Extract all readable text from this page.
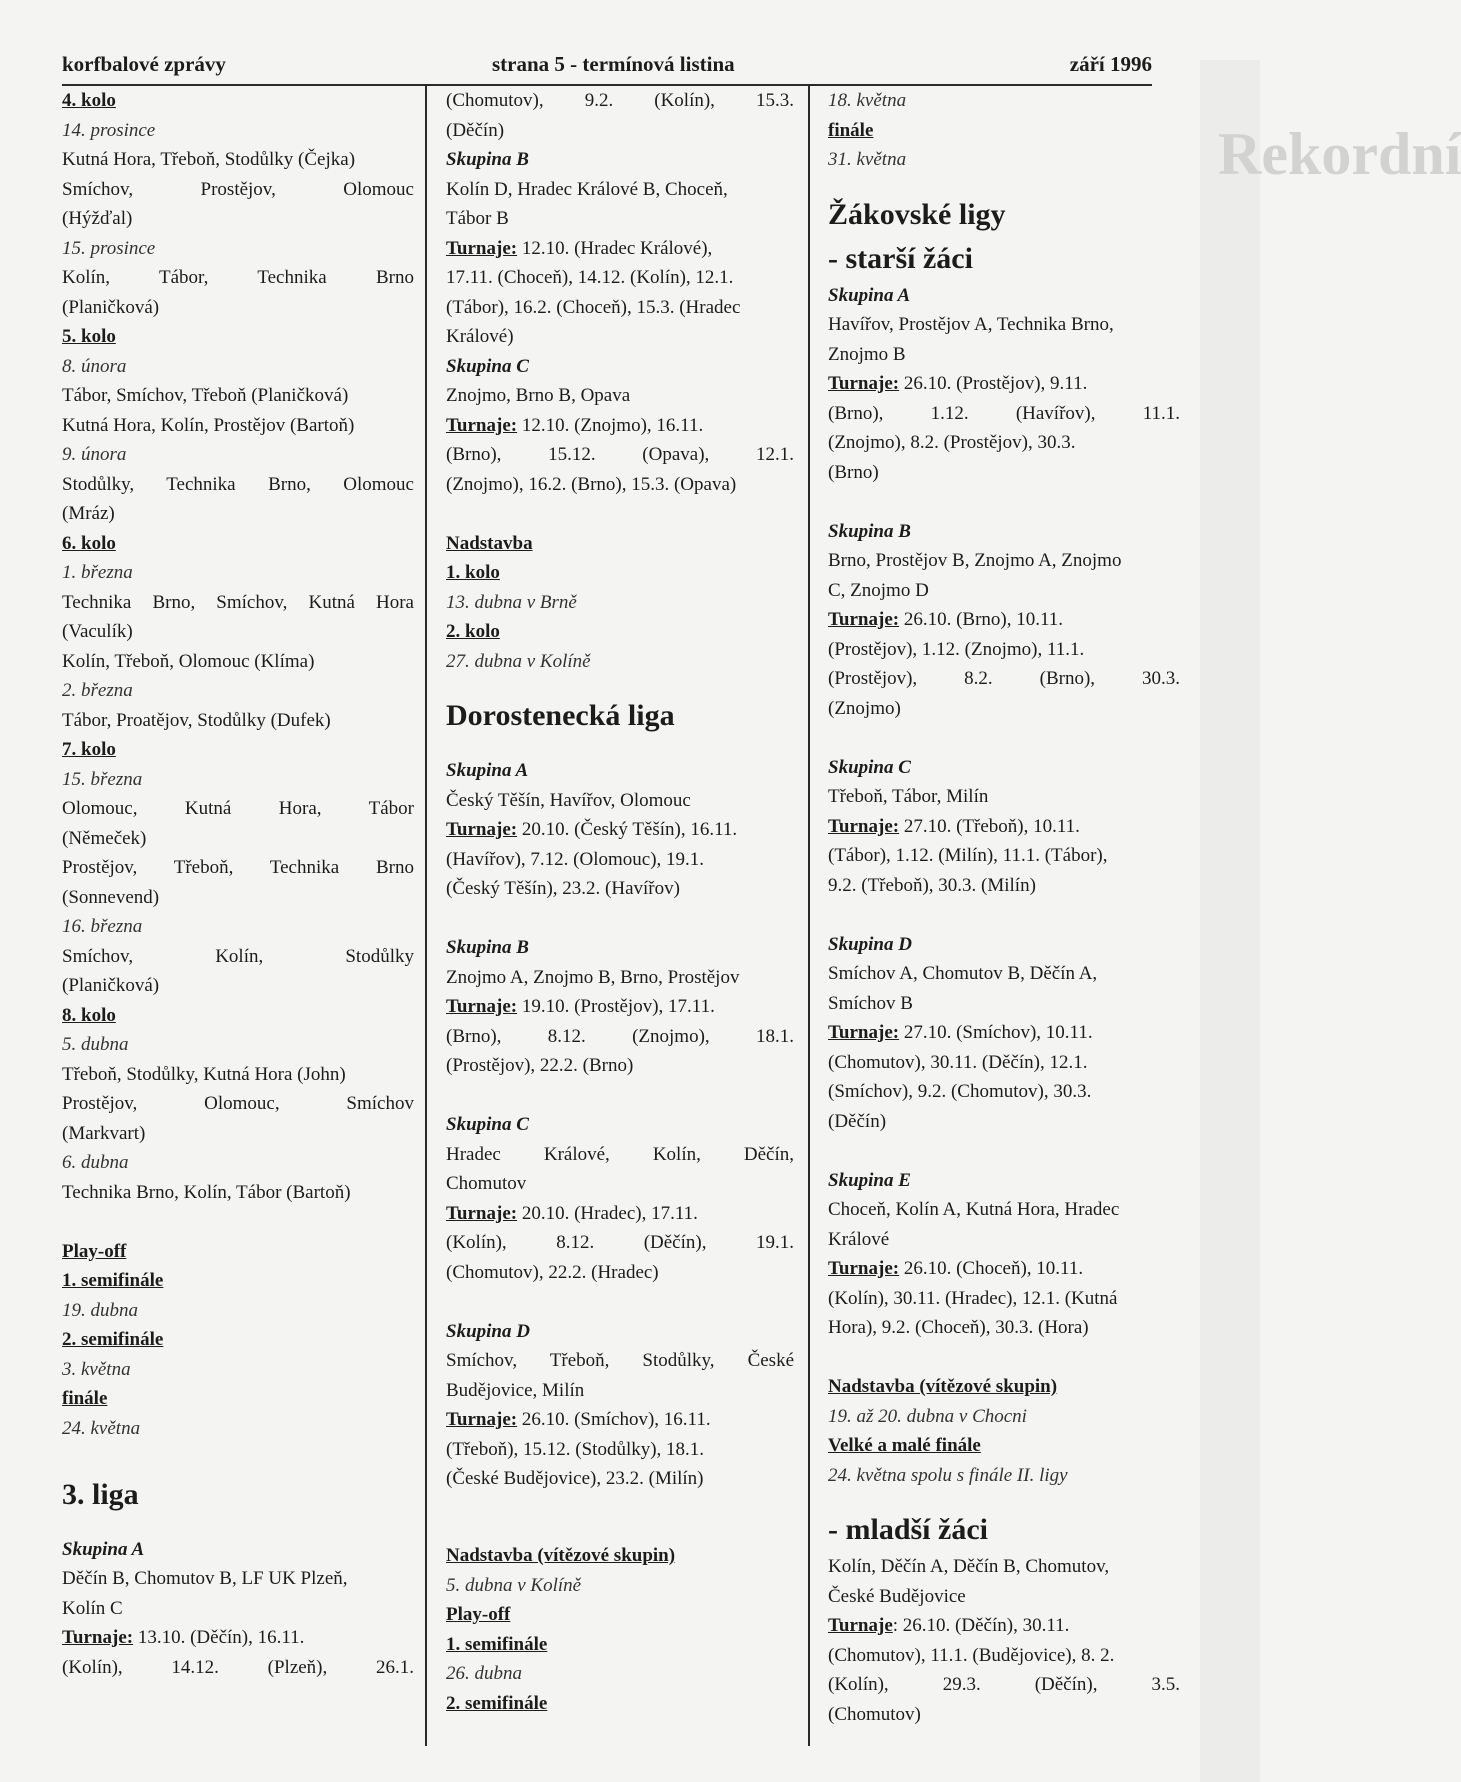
Rekordní
korfbalové zprávy	strana 5 - termínová listina	září 1996
4. kolo
14. prosince
Kutná Hora, Třeboň, Stodůlky (Čejka)
Smíchov, Prostějov, Olomouc
(Hýžďal)
15. prosince
Kolín, Tábor, Technika Brno
(Planičková)
5. kolo
8. února
Tábor, Smíchov, Třeboň (Planičková)
Kutná Hora, Kolín, Prostějov (Bartoň)
9. února
Stodůlky, Technika Brno, Olomouc
(Mráz)
6. kolo
1. března
Technika Brno, Smíchov, Kutná Hora
(Vaculík)
Kolín, Třeboň, Olomouc (Klíma)
2. března
Tábor, Proatějov, Stodůlky (Dufek)
7. kolo
15. března
Olomouc, Kutná Hora, Tábor
(Němeček)
Prostějov, Třeboň, Technika Brno
(Sonnevend)
16. března
Smíchov, Kolín, Stodůlky
(Planičková)
8. kolo
5. dubna
Třeboň, Stodůlky, Kutná Hora (John)
Prostějov, Olomouc, Smíchov
(Markvart)
6. dubna
Technika Brno, Kolín, Tábor (Bartoň)
Play-off
1. semifinále
19. dubna
2. semifinále
3. května
finále
24. května
3. liga
Skupina A
Děčín B, Chomutov B, LF UK Plzeň,
Kolín C
Turnaje: 13.10. (Děčín), 16.11.
(Kolín), 14.12. (Plzeň), 26.1.
(Chomutov), 9.2. (Kolín), 15.3.
(Děčín)
Skupina B
Kolín D, Hradec Králové B, Choceň,
Tábor B
Turnaje: 12.10. (Hradec Králové),
17.11. (Choceň), 14.12. (Kolín), 12.1.
(Tábor), 16.2. (Choceň), 15.3. (Hradec
Králové)
Skupina C
Znojmo, Brno B, Opava
Turnaje: 12.10. (Znojmo), 16.11.
(Brno), 15.12. (Opava), 12.1.
(Znojmo), 16.2. (Brno), 15.3. (Opava)
Nadstavba
1. kolo
13. dubna v Brně
2. kolo
27. dubna v Kolíně
Dorostenecká liga
Skupina A
Český Těšín, Havířov, Olomouc
Turnaje: 20.10. (Český Těšín), 16.11.
(Havířov), 7.12. (Olomouc), 19.1.
(Český Těšín), 23.2. (Havířov)
Skupina B
Znojmo A, Znojmo B, Brno, Prostějov
Turnaje: 19.10. (Prostějov), 17.11.
(Brno), 8.12. (Znojmo), 18.1.
(Prostějov), 22.2. (Brno)
Skupina C
Hradec Králové, Kolín, Děčín,
Chomutov
Turnaje: 20.10. (Hradec), 17.11.
(Kolín), 8.12. (Děčín), 19.1.
(Chomutov), 22.2. (Hradec)
Skupina D
Smíchov, Třeboň, Stodůlky, České
Budějovice, Milín
Turnaje: 26.10. (Smíchov), 16.11.
(Třeboň), 15.12. (Stodůlky), 18.1.
(České Budějovice), 23.2. (Milín)
Nadstavba (vítězové skupin)
5. dubna v Kolíně
Play-off
1. semifinále
26. dubna
2. semifinále
18. května
finále
31. května
Žákovské ligy
- starší žáci
Skupina A
Havířov, Prostějov A, Technika Brno,
Znojmo B
Turnaje: 26.10. (Prostějov), 9.11.
(Brno), 1.12. (Havířov), 11.1.
(Znojmo), 8.2. (Prostějov), 30.3.
(Brno)
Skupina B
Brno, Prostějov B, Znojmo A, Znojmo
C, Znojmo D
Turnaje: 26.10. (Brno), 10.11.
(Prostějov), 1.12. (Znojmo), 11.1.
(Prostějov), 8.2. (Brno), 30.3.
(Znojmo)
Skupina C
Třeboň, Tábor, Milín
Turnaje: 27.10. (Třeboň), 10.11.
(Tábor), 1.12. (Milín), 11.1. (Tábor),
9.2. (Třeboň), 30.3. (Milín)
Skupina D
Smíchov A, Chomutov B, Děčín A,
Smíchov B
Turnaje: 27.10. (Smíchov), 10.11.
(Chomutov), 30.11. (Děčín), 12.1.
(Smíchov), 9.2. (Chomutov), 30.3.
(Děčín)
Skupina E
Choceň, Kolín A, Kutná Hora, Hradec
Králové
Turnaje: 26.10. (Choceň), 10.11.
(Kolín), 30.11. (Hradec), 12.1. (Kutná
Hora), 9.2. (Choceň), 30.3. (Hora)
Nadstavba (vítězové skupin)
19. až 20. dubna v Chocni
Velké a malé finále
24. května spolu s finále II. ligy
- mladší žáci
Kolín, Děčín A, Děčín B, Chomutov,
České Budějovice
Turnaje: 26.10. (Děčín), 30.11.
(Chomutov), 11.1. (Budějovice), 8. 2.
(Kolín), 29.3. (Děčín), 3.5.
(Chomutov)
